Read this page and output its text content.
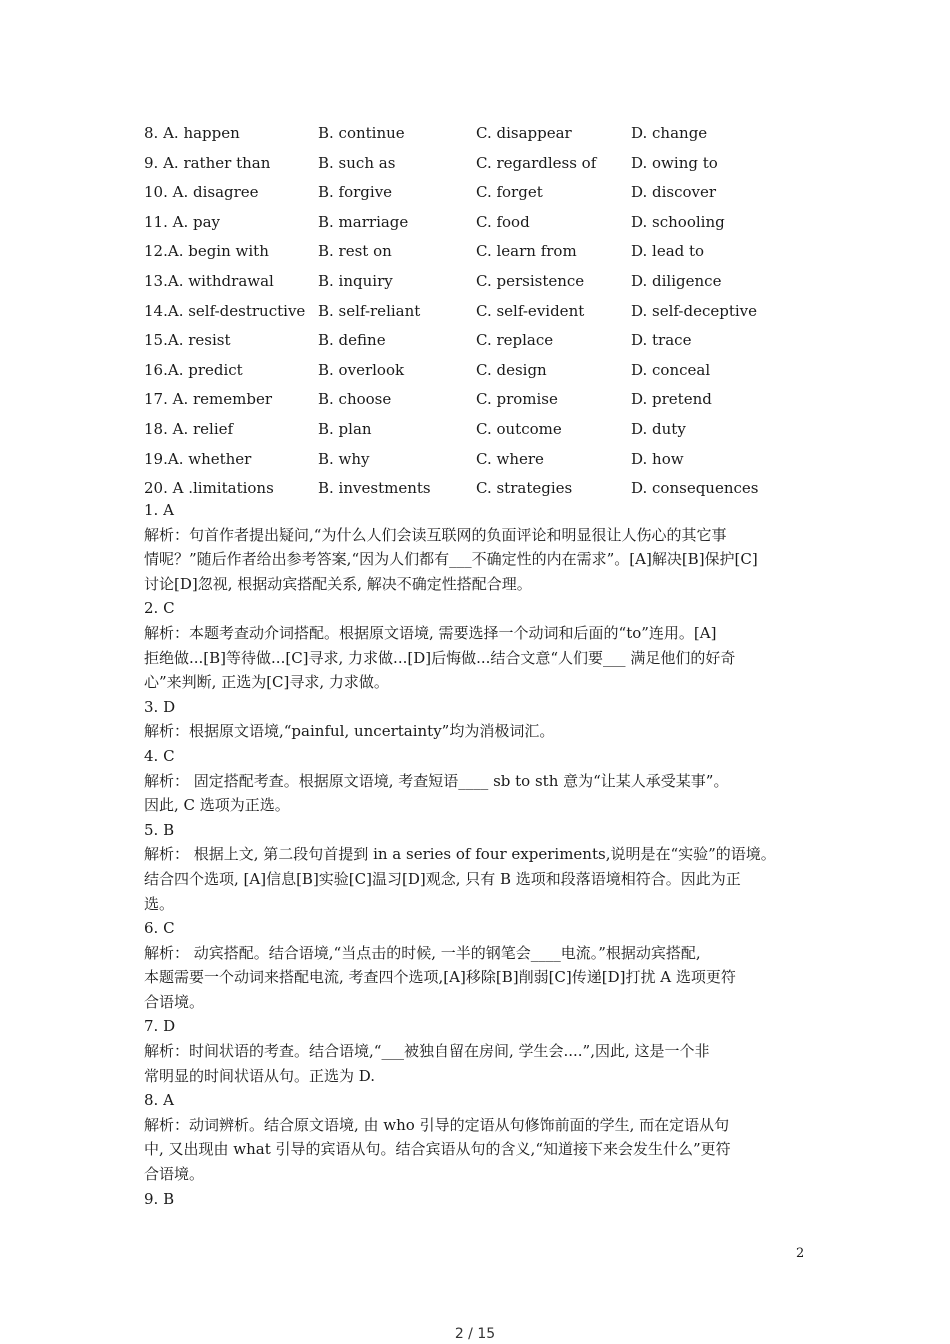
8. A. happen	B. continue	C. disappear	D. change
9. A. rather than	B. such as	C. regardless of D. owing to
10. A. disagree	B. forgive	C. forget	D. discover
11. A. pay	B. marriage	C. food	D. schooling
12.A. begin with	B. rest on	C. learn from	D. lead to
13.A. withdrawal	B. inquiry	C. persistence	D. diligence
14.A. self-destructive B. self-reliant	C. self-evident	D. self-deceptive
15.A. resist	B. define	C. replace	D. trace
16.A. predict	B. overlook	C. design	D. conceal
17. A. remember	B. choose	C. promise	D. pretend
18. A. relief	B. plan	C. outcome	D. duty
19.A. whether	B. why	C. where	D. how
20. A .limitations	B. investments	C. strategies	D. consequences
1. A
解析：句首作者提出疑问,“为什么人们会读互联网的负面评论和明显很让人伤心的其它事
情呢？”随后作者给出参考答案,“因为人们都有___不确定性的内在需求”。[A]解决[B]保护[C]
讨论[D]忽视, 根据动宾搭配关系, 解决不确定性搭配合理。
2. C
解析：本题考查动介词搭配。根据原文语境, 需要选择一个动词和后面的“to”连用。[A]
拒绝做...[B]等待做...[C]寻求, 力求做...[D]后悔做...结合文意“人们要___ 满足他们的好奇
心”来判断, 正选为[C]寻求, 力求做。
3. D
解析：根据原文语境,“painful, uncertainty”均为消极词汇。
4. C
解析： 固定搭配考查。根据原文语境, 考查短语____ sb to sth 意为“让某人承受某事”。
因此, C 选项为正选。
5. B
解析： 根据上文, 第二段句首提到 in a series of four experiments,说明是在“实验”的语境。
结合四个选项, [A]信息[B]实验[C]温习[D]观念, 只有 B 选项和段落语境相符合。因此为正
选。
6. C
解析： 动宾搭配。结合语境,“当点击的时候, 一半的钢笔会____电流。”根据动宾搭配,
本题需要一个动词来搭配电流, 考查四个选项,[A]移除[B]削弱[C]传递[D]打扰 A 选项更符
合语境。
7. D
解析：时间状语的考查。结合语境,“___被独自留在房间, 学生会....”,因此, 这是一个非
常明显的时间状语从句。正选为 D.
8. A
解析：动词辨析。结合原文语境, 由 who 引导的定语从句修饰前面的学生, 而在定语从句
中, 又出现由 what 引导的宾语从句。结合宾语从句的含义,“知道接下来会发生什么”更符
合语境。
9. B
2
2 / 15
